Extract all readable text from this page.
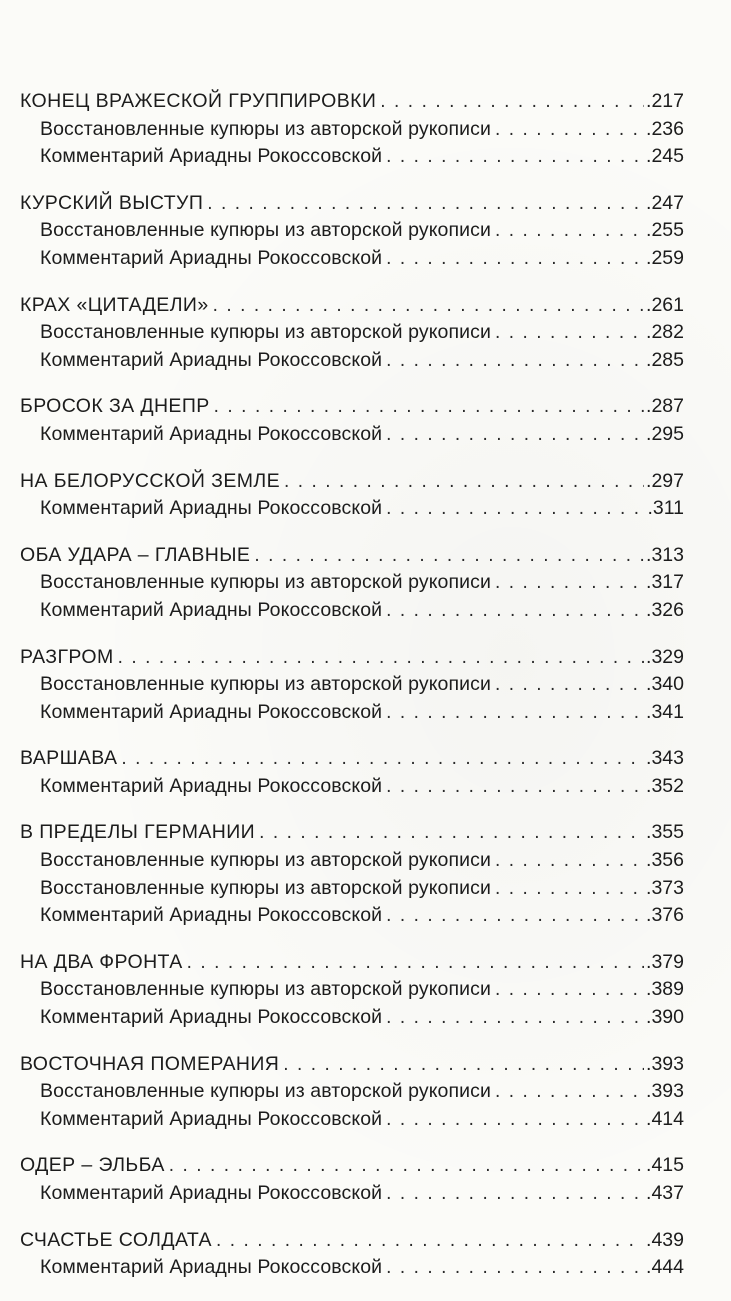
КОНЕЦ ВРАЖЕСКОЙ ГРУППИРОВКИ . . .	.217
Восстановленные купюры из авторской рукописи . . .	.236
Комментарий Ариадны Рокоссовской . . .	.245
КУРСКИЙ ВЫСТУП . . .	.247
Восстановленные купюры из авторской рукописи . . .	.255
Комментарий Ариадны Рокоссовской . . .	.259
КРАХ «ЦИТАДЕЛИ» . . .	.261
Восстановленные купюры из авторской рукописи . . .	.282
Комментарий Ариадны Рокоссовской . . .	.285
БРОСОК ЗА ДНЕПР . . .	.287
Комментарий Ариадны Рокоссовской . . .	.295
НА БЕЛОРУССКОЙ ЗЕМЛЕ . . .	.297
Комментарий Ариадны Рокоссовской . . .	.311
ОБА УДАРА – ГЛАВНЫЕ . . .	.313
Восстановленные купюры из авторской рукописи . . .	.317
Комментарий Ариадны Рокоссовской . . .	.326
РАЗГРОМ . . .	.329
Восстановленные купюры из авторской рукописи . . .	.340
Комментарий Ариадны Рокоссовской . . .	.341
ВАРШАВА . . .	.343
Комментарий Ариадны Рокоссовской . . .	.352
В ПРЕДЕЛЫ ГЕРМАНИИ . . .	.355
Восстановленные купюры из авторской рукописи . . .	.356
Восстановленные купюры из авторской рукописи . . .	.373
Комментарий Ариадны Рокоссовской . . .	.376
НА ДВА ФРОНТА . . .	.379
Восстановленные купюры из авторской рукописи . . .	.389
Комментарий Ариадны Рокоссовской . . .	.390
ВОСТОЧНАЯ ПОМЕРАНИЯ . . .	.393
Восстановленные купюры из авторской рукописи . . .	.393
Комментарий Ариадны Рокоссовской . . .	.414
ОДЕР – ЭЛЬБА . . .	.415
Комментарий Ариадны Рокоссовской . . .	.437
СЧАСТЬЕ СОЛДАТА . . .	.439
Комментарий Ариадны Рокоссовской . . .	.444
